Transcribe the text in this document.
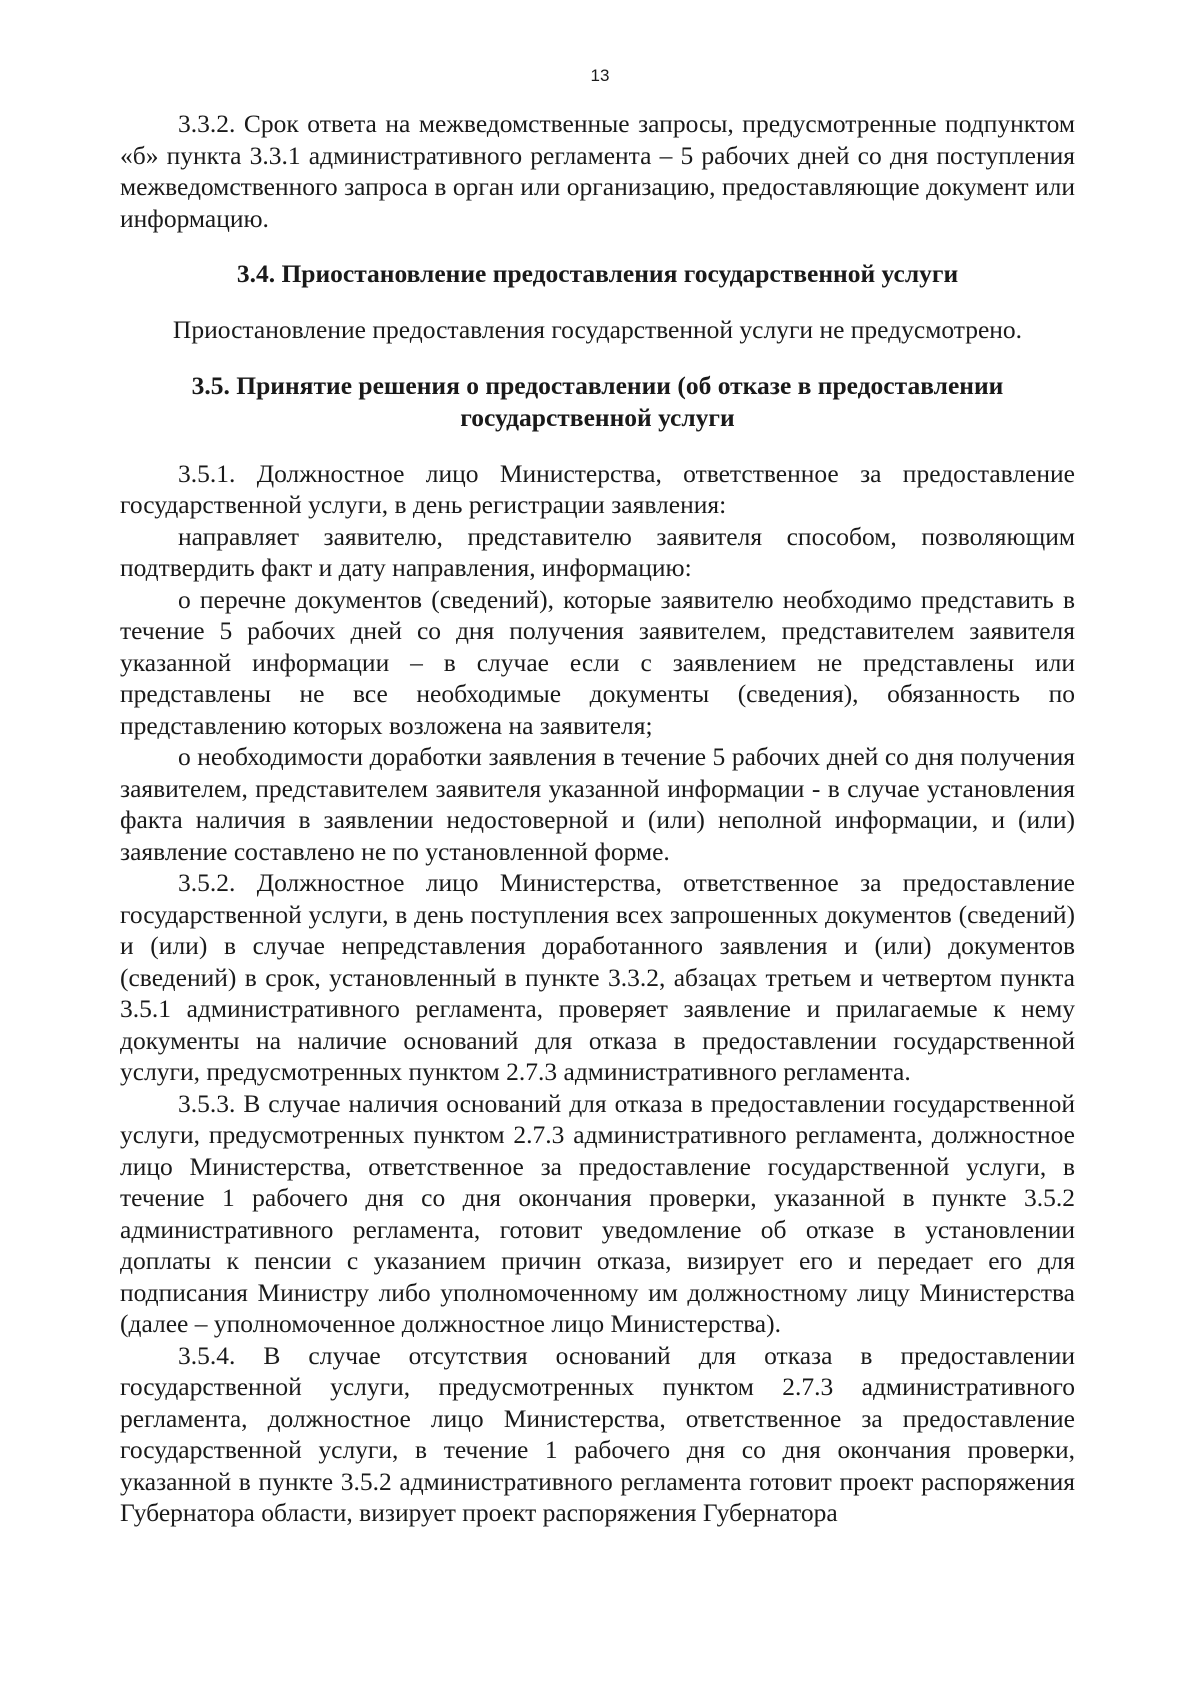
13

3.3.2. Срок ответа на межведомственные запросы, предусмотренные подпунктом «б» пункта 3.3.1 административного регламента – 5 рабочих дней со дня поступления межведомственного запроса в орган или организацию, предоставляющие документ или информацию.

3.4. Приостановление предоставления государственной услуги

Приостановление предоставления государственной услуги не предусмотрено.

3.5. Принятие решения о предоставлении (об отказе в предоставлении государственной услуги

3.5.1. Должностное лицо Министерства, ответственное за предоставление государственной услуги, в день регистрации заявления:

направляет заявителю, представителю заявителя способом, позволяющим подтвердить факт и дату направления, информацию:

о перечне документов (сведений), которые заявителю необходимо представить в течение 5 рабочих дней со дня получения заявителем, представителем заявителя указанной информации – в случае если с заявлением не представлены или представлены не все необходимые документы (сведения), обязанность по представлению которых возложена на заявителя;

о необходимости доработки заявления в течение 5 рабочих дней со дня получения заявителем, представителем заявителя указанной информации - в случае установления факта наличия в заявлении недостоверной и (или) неполной информации, и (или) заявление составлено не по установленной форме.

3.5.2. Должностное лицо Министерства, ответственное за предоставление государственной услуги, в день поступления всех запрошенных документов (сведений) и (или) в случае непредставления доработанного заявления и (или) документов (сведений) в срок, установленный в пункте 3.3.2, абзацах третьем и четвертом пункта 3.5.1 административного регламента, проверяет заявление и прилагаемые к нему документы на наличие оснований для отказа в предоставлении государственной услуги, предусмотренных пунктом 2.7.3 административного регламента.

3.5.3. В случае наличия оснований для отказа в предоставлении государственной услуги, предусмотренных пунктом 2.7.3 административного регламента, должностное лицо Министерства, ответственное за предоставление государственной услуги, в течение 1 рабочего дня со дня окончания проверки, указанной в пункте 3.5.2 административного регламента, готовит уведомление об отказе в установлении доплаты к пенсии с указанием причин отказа, визирует его и передает его для подписания Министру либо уполномоченному им должностному лицу Министерства (далее – уполномоченное должностное лицо Министерства).

3.5.4. В случае отсутствия оснований для отказа в предоставлении государственной услуги, предусмотренных пунктом 2.7.3 административного регламента, должностное лицо Министерства, ответственное за предоставление государственной услуги, в течение 1 рабочего дня со дня окончания проверки, указанной в пункте 3.5.2 административного регламента готовит проект распоряжения Губернатора области, визирует проект распоряжения Губернатора
